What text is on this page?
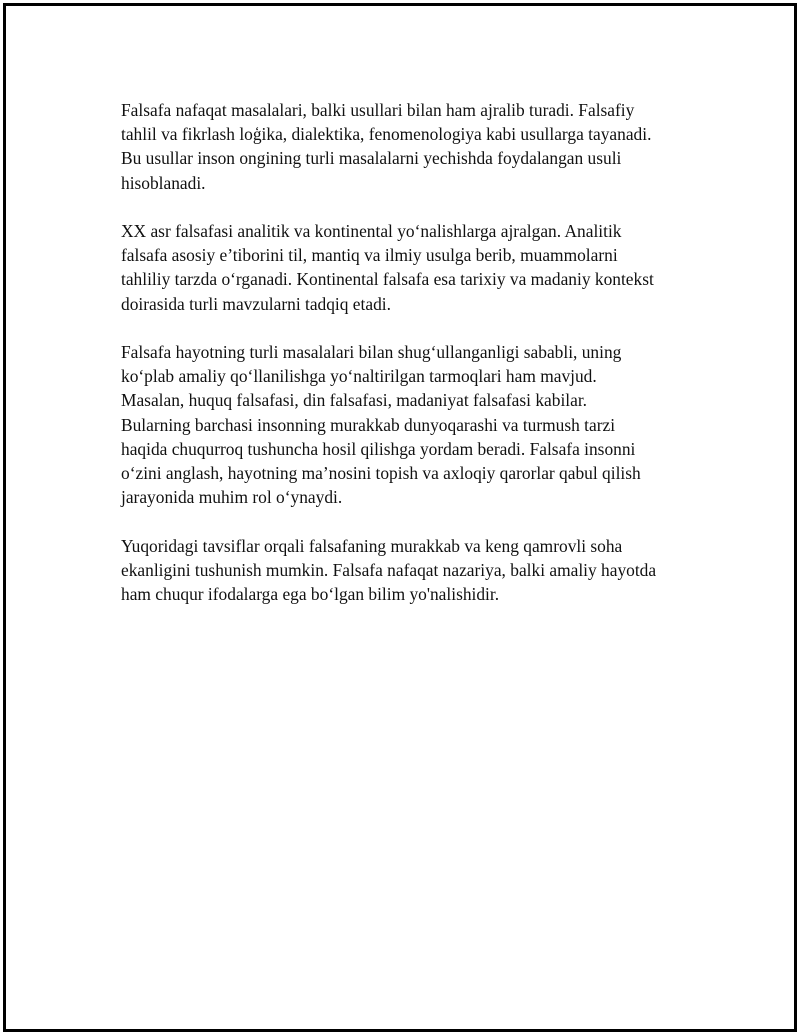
Falsafa nafaqat masalalari, balki usullari bilan ham ajralib turadi. Falsafiy
tahlil va fikrlash loģika, dialektika, fenomenologiya kabi usullarga tayanadi.
Bu usullar inson ongining turli masalalarni yechishda foydalangan usuli
hisoblanadi.

XX asr falsafasi analitik va kontinental yo‘nalishlarga ajralgan. Analitik
falsafa asosiy e’tiborini til, mantiq va ilmiy usulga berib, muammolarni
tahliliy tarzda o‘rganadi. Kontinental falsafa esa tarixiy va madaniy kontekst
doirasida turli mavzularni tadqiq etadi.

Falsafa hayotning turli masalalari bilan shug‘ullanganligi sababli, uning
ko‘plab amaliy qo‘llanilishga yo‘naltirilgan tarmoqlari ham mavjud.
Masalan, huquq falsafasi, din falsafasi, madaniyat falsafasi kabilar.
Bularning barchasi insonning murakkab dunyoqarashi va turmush tarzi
haqida chuqurroq tushuncha hosil qilishga yordam beradi. Falsafa insonni
o‘zini anglash, hayotning ma’nosini topish va axloqiy qarorlar qabul qilish
jarayonida muhim rol o‘ynaydi.

Yuqoridagi tavsiflar orqali falsafaning murakkab va keng qamrovli soha
ekanligini tushunish mumkin. Falsafa nafaqat nazariya, balki amaliy hayotda
ham chuqur ifodalarga ega bo‘lgan bilim yo'nalishidir.
